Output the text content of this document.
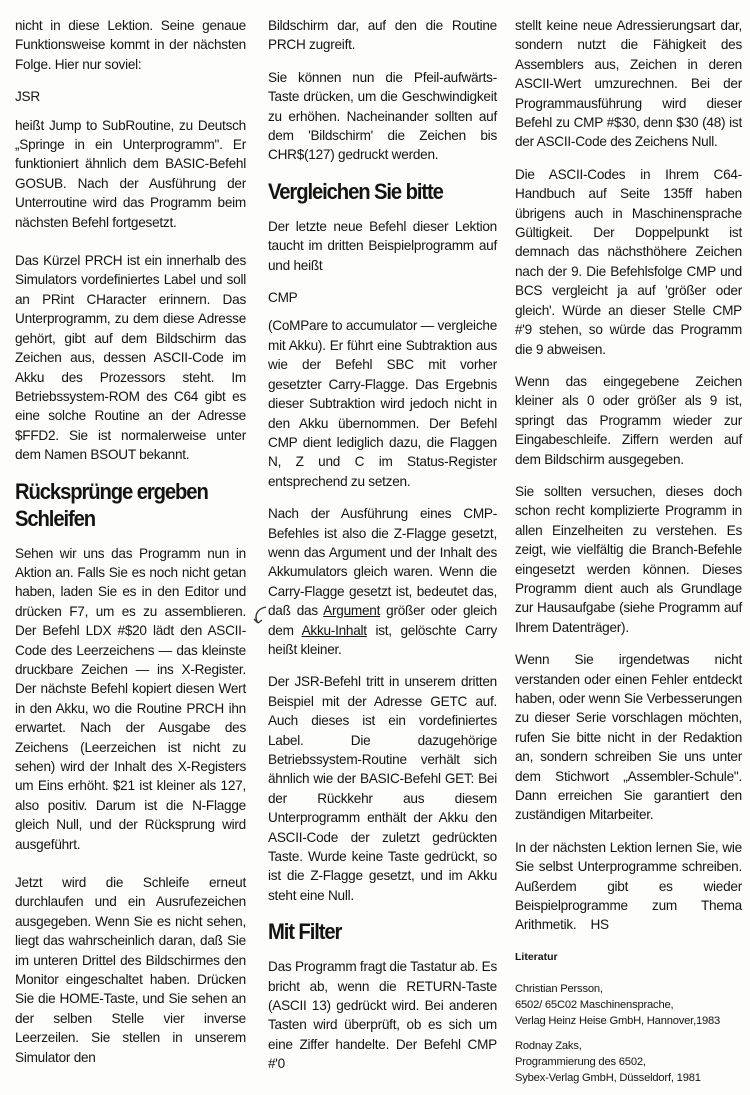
nicht in diese Lektion. Seine genaue Funktionsweise kommt in der nächsten Folge. Hier nur soviel:

JSR

heißt Jump to SubRoutine, zu Deutsch „Springe in ein Unterprogramm". Er funktioniert ähnlich dem BASIC-Befehl GOSUB. Nach der Ausführung der Unterroutine wird das Programm beim nächsten Befehl fortgesetzt.

Das Kürzel PRCH ist ein innerhalb des Simulators vordefiniertes Label und soll an PRint CHaracter erinnern. Das Unterprogramm, zu dem diese Adresse gehört, gibt auf dem Bildschirm das Zeichen aus, dessen ASCII-Code im Akku des Prozessors steht. Im Betriebssystem-ROM des C64 gibt es eine solche Routine an der Adresse $FFD2. Sie ist normalerweise unter dem Namen BSOUT bekannt.

Rücksprünge ergeben Schleifen

Sehen wir uns das Programm nun in Aktion an. Falls Sie es noch nicht getan haben, laden Sie es in den Editor und drücken F7, um es zu assemblieren. Der Befehl LDX #$20 lädt den ASCII-Code des Leerzeichens — das kleinste druckbare Zeichen — ins X-Register. Der nächste Befehl kopiert diesen Wert in den Akku, wo die Routine PRCH ihn erwartet. Nach der Ausgabe des Zeichens (Leerzeichen ist nicht zu sehen) wird der Inhalt des X-Registers um Eins erhöht. $21 ist kleiner als 127, also positiv. Darum ist die N-Flagge gleich Null, und der Rücksprung wird ausgeführt.

Jetzt wird die Schleife erneut durchlaufen und ein Ausrufezeichen ausgegeben. Wenn Sie es nicht sehen, liegt das wahrscheinlich daran, daß Sie im unteren Drittel des Bildschirmes den Monitor eingeschaltet haben. Drücken Sie die HOME-Taste, und Sie sehen an der selben Stelle vier inverse Leerzeilen. Sie stellen in unserem Simulator den

Bildschirm dar, auf den die Routine PRCH zugreift.

Sie können nun die Pfeil-aufwärts-Taste drücken, um die Geschwindigkeit zu erhöhen. Nacheinander sollten auf dem 'Bildschirm' die Zeichen bis CHR$(127) gedruckt werden.

Vergleichen Sie bitte

Der letzte neue Befehl dieser Lektion taucht im dritten Beispielprogramm auf und heißt

CMP

(CoMPare to accumulator — vergleiche mit Akku). Er führt eine Subtraktion aus wie der Befehl SBC mit vorher gesetzter Carry-Flagge. Das Ergebnis dieser Subtraktion wird jedoch nicht in den Akku übernommen. Der Befehl CMP dient lediglich dazu, die Flaggen N, Z und C im Status-Register entsprechend zu setzen.

Nach der Ausführung eines CMP-Befehles ist also die Z-Flagge gesetzt, wenn das Argument und der Inhalt des Akkumulators gleich waren. Wenn die Carry-Flagge gesetzt ist, bedeutet das, daß das Argument größer oder gleich dem Akku-Inhalt ist, gelöschte Carry heißt kleiner.

Der JSR-Befehl tritt in unserem dritten Beispiel mit der Adresse GETC auf. Auch dieses ist ein vordefiniertes Label. Die dazugehörige Betriebssystem-Routine verhält sich ähnlich wie der BASIC-Befehl GET: Bei der Rückkehr aus diesem Unterprogramm enthält der Akku den ASCII-Code der zuletzt gedrückten Taste. Wurde keine Taste gedrückt, so ist die Z-Flagge gesetzt, und im Akku steht eine Null.

Mit Filter

Das Programm fragt die Tastatur ab. Es bricht ab, wenn die RETURN-Taste (ASCII 13) gedrückt wird. Bei anderen Tasten wird überprüft, ob es sich um eine Ziffer handelte. Der Befehl CMP #'0

stellt keine neue Adressierungsart dar, sondern nutzt die Fähigkeit des Assemblers aus, Zeichen in deren ASCII-Wert umzurechnen. Bei der Programmausführung wird dieser Befehl zu CMP #$30, denn $30 (48) ist der ASCII-Code des Zeichens Null.

Die ASCII-Codes in Ihrem C64-Handbuch auf Seite 135ff haben übrigens auch in Maschinensprache Gültigkeit. Der Doppelpunkt ist demnach das nächsthöhere Zeichen nach der 9. Die Befehlsfolge CMP und BCS vergleicht ja auf 'größer oder gleich'. Würde an dieser Stelle CMP #'9 stehen, so würde das Programm die 9 abweisen.

Wenn das eingegebene Zeichen kleiner als 0 oder größer als 9 ist, springt das Programm wieder zur Eingabeschleife. Ziffern werden auf dem Bildschirm ausgegeben.

Sie sollten versuchen, dieses doch schon recht komplizierte Programm in allen Einzelheiten zu verstehen. Es zeigt, wie vielfältig die Branch-Befehle eingesetzt werden können. Dieses Programm dient auch als Grundlage zur Hausaufgabe (siehe Programm auf Ihrem Datenträger).

Wenn Sie irgendetwas nicht verstanden oder einen Fehler entdeckt haben, oder wenn Sie Verbesserungen zu dieser Serie vorschlagen möchten, rufen Sie bitte nicht in der Redaktion an, sondern schreiben Sie uns unter dem Stichwort „Assembler-Schule". Dann erreichen Sie garantiert den zuständigen Mitarbeiter.

In der nächsten Lektion lernen Sie, wie Sie selbst Unterprogramme schreiben. Außerdem gibt es wieder Beispielprogramme zum Thema Arithmetik. HS

Literatur
Christian Persson,
6502/ 65C02 Maschinensprache,
Verlag Heinz Heise GmbH, Hannover,1983
Rodnay Zaks,
Programmierung des 6502,
Sybex-Verlag GmbH, Düsseldorf, 1981
